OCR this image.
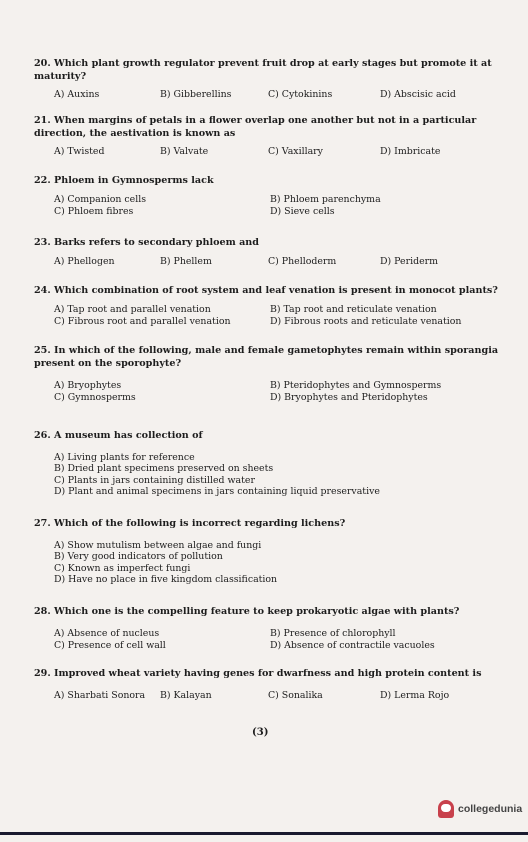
20. Which plant growth regulator prevent fruit drop at early stages but promote it at maturity?

A) Auxins	B) Gibberellins	C) Cytokinins	D) Abscisic acid

21. When margins of petals in a flower overlap one another but not in a particular direction, the aestivation is known as

A) Twisted	B) Valvate	C) Vaxillary	D) Imbricate

22. Phloem in Gymnosperms lack

A) Companion cells	B) Phloem parenchyma
C) Phloem fibres	D) Sieve cells

23. Barks refers to secondary phloem and

A) Phellogen	B) Phellem	C) Phelloderm	D) Periderm

24. Which combination of root system and leaf venation is present in monocot plants?

A) Tap root and parallel venation	B) Tap root and reticulate venation
C) Fibrous root and parallel venation	D) Fibrous roots and reticulate venation

25. In which of the following, male and female gametophytes remain within sporangia present on the sporophyte?

A) Bryophytes	B) Pteridophytes and Gymnosperms
C) Gymnosperms	D) Bryophytes and Pteridophytes

26. A museum has collection of

A) Living plants for reference
B) Dried plant specimens preserved on sheets
C) Plants in jars containing distilled water
D) Plant and animal specimens in jars containing liquid preservative

27. Which of the following is incorrect regarding lichens?

A) Show mutulism between algae and fungi
B) Very good indicators of pollution
C) Known as imperfect fungi
D) Have no place in five kingdom classification

28. Which one is the compelling feature to keep prokaryotic algae with plants?

A) Absence of nucleus	B) Presence of chlorophyll
C) Presence of cell wall	D) Absence of contractile vacuoles

29. Improved wheat variety having genes for dwarfness and high protein content is

A) Sharbati Sonora	B) Kalayan	C) Sonalika	D) Lerma Rojo
(3)
collegedunia
